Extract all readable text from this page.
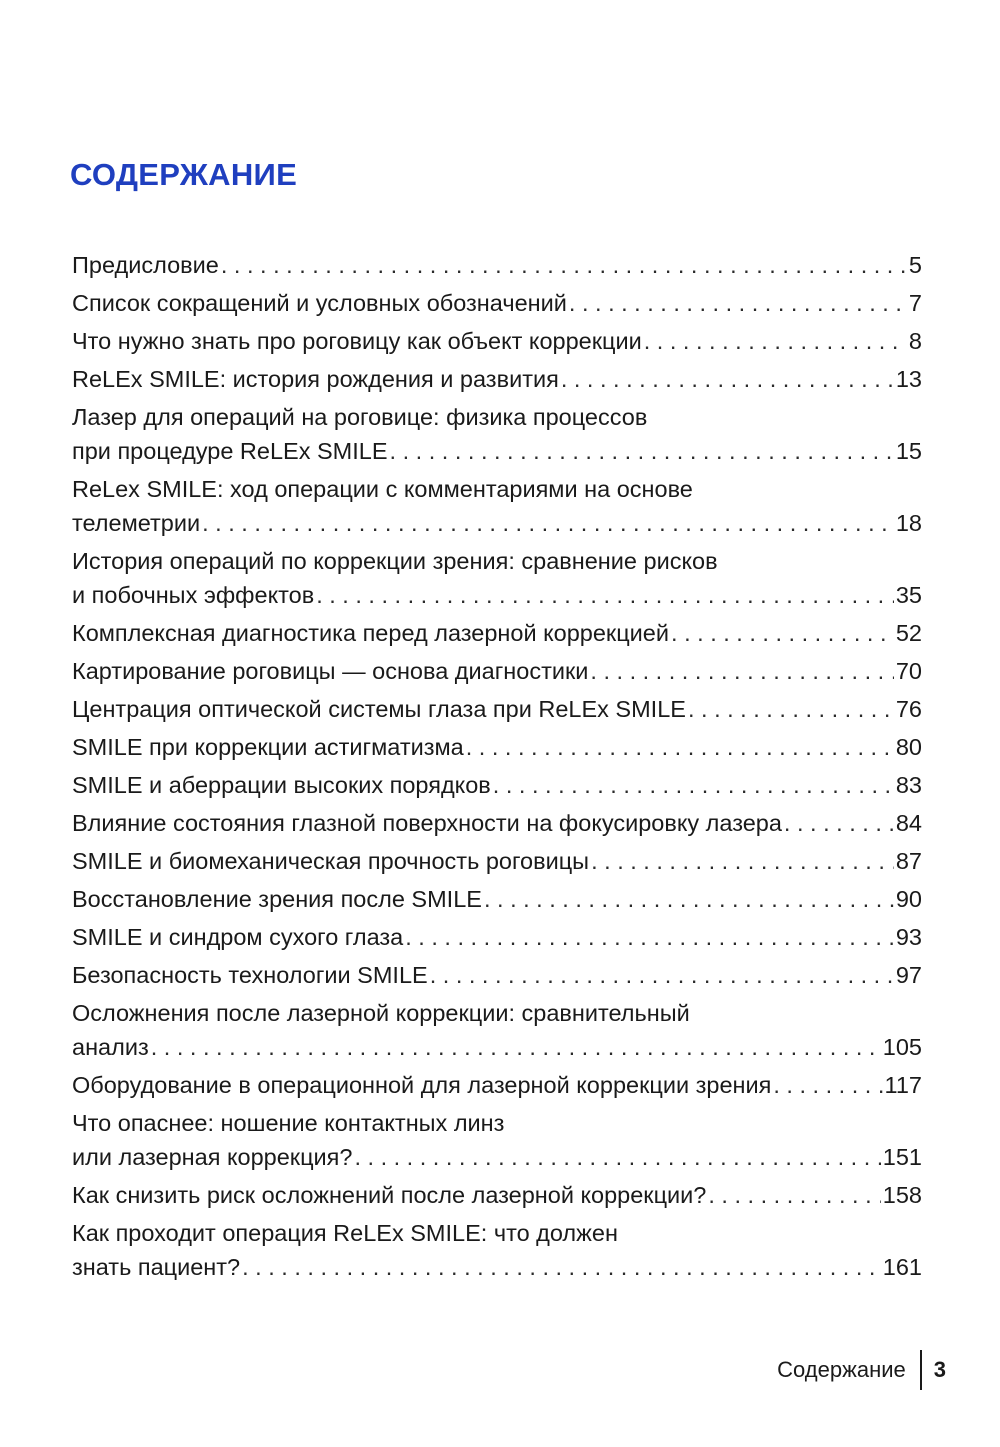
СОДЕРЖАНИЕ
Предисловие . . .	5
Список сокращений и условных обозначений . . .	7
Что нужно знать про роговицу как объект коррекции . . .	8
ReLEx SMILE: история рождения и развития . . .	13
Лазер для операций на роговице: физика процессов
при процедуре ReLEx SMILE . . .	15
ReLex SMILE: ход операции с комментариями на основе
телеметрии . . .	18
История операций по коррекции зрения: сравнение рисков
и побочных эффектов . . .	35
Комплексная диагностика перед лазерной коррекцией . . .	52
Картирование роговицы — основа диагностики . . .	70
Центрация оптической системы глаза при ReLEx SMILE . . .	76
SMILE при коррекции астигматизма . . .	80
SMILE и аберрации высоких порядков . . .	83
Влияние состояния глазной поверхности на фокусировку лазера . . .	84
SMILE и биомеханическая прочность роговицы . . .	87
Восстановление зрения после SMILE . . .	90
SMILE и синдром сухого глаза . . .	93
Безопасность технологии SMILE . . .	97
Осложнения после лазерной коррекции: сравнительный
анализ . . .	105
Оборудование в операционной для лазерной коррекции зрения . . .	117
Что опаснее: ношение контактных линз
или лазерная коррекция? . . .	151
Как снизить риск осложнений после лазерной коррекции? . . .	158
Как проходит операция ReLEx SMILE: что должен
знать пациент? . . .	161
Содержание 3
